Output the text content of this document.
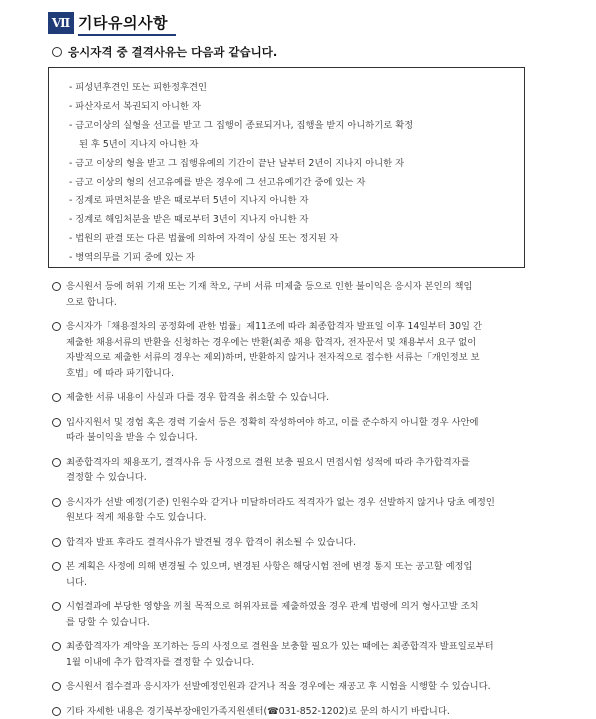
Ⅶ 기타유의사항
응시자격 중 결격사유는 다음과 같습니다.
- 피성년후견인 또는 피한정후견인
- 파산자로서 복권되지 아니한 자
- 금고이상의 실형을 선고를 받고 그 집행이 종료되거나, 집행을 받지 아니하기로 확정
된 후 5년이 지나지 아니한 자
- 금고 이상의 형을 받고 그 집행유예의 기간이 끝난 날부터 2년이 지나지 아니한 자
- 금고 이상의 형의 선고유예를 받은 경우에 그 선고유예기간 중에 있는 자
- 징계로 파면처분을 받은 때로부터 5년이 지나지 아니한 자
- 징계로 해임처분을 받은 때로부터 3년이 지나지 아니한 자
- 법원의 판결 또는 다른 법률에 의하여 자격이 상실 또는 정지된 자
- 병역의무를 기피 중에 있는 자
응시원서 등에 허위 기재 또는 기재 착오, 구비 서류 미제출 등으로 인한 불이익은 응시자 본인의 책임
으로 합니다.
응시자가「채용절차의 공정화에 관한 법률」제11조에 따라 최종합격자 발표일 이후 14일부터 30일 간
제출한 채용서류의 반환을 신청하는 경우에는 반환(최종 채용 합격자, 전자문서 및 채용부서 요구 없이
자발적으로 제출한 서류의 경우는 제외)하며, 반환하지 않거나 전자적으로 접수한 서류는「개인정보 보
호법」에 따라 파기합니다.
제출한 서류 내용이 사실과 다를 경우 합격을 취소할 수 있습니다.
입사지원서 및 경험 혹은 경력 기술서 등은 정확히 작성하여야 하고, 이를 준수하지 아니할 경우 사안에
따라 불이익을 받을 수 있습니다.
최종합격자의 채용포기, 결격사유 등 사정으로 결원 보충 필요시 면접시험 성적에 따라 추가합격자를
결정할 수 있습니다.
응시자가 선발 예정(기준) 인원수와 같거나 미달하더라도 적격자가 없는 경우 선발하지 않거나 당초 예정인
원보다 적게 채용할 수도 있습니다.
합격자 발표 후라도 결격사유가 발견될 경우 합격이 취소될 수 있습니다.
본 계획은 사정에 의해 변경될 수 있으며, 변경된 사항은 해당시험 전에 변경 통지 또는 공고할 예정입
니다.
시험결과에 부당한 영향을 끼칠 목적으로 허위자료를 제출하였을 경우 관계 법령에 의거 형사고발 조치
를 당할 수 있습니다.
최종합격자가 계약을 포기하는 등의 사정으로 결원을 보충할 필요가 있는 때에는 최종합격자 발표일로부터
1월 이내에 추가 합격자를 결정할 수 있습니다.
응시원서 접수결과 응시자가 선발예정인원과 같거나 적을 경우에는 재공고 후 시험을 시행할 수 있습니다.
기타 자세한 내용은 경기북부장애인가족지원센터(☎031-852-1202)로 문의 하시기 바랍니다.
